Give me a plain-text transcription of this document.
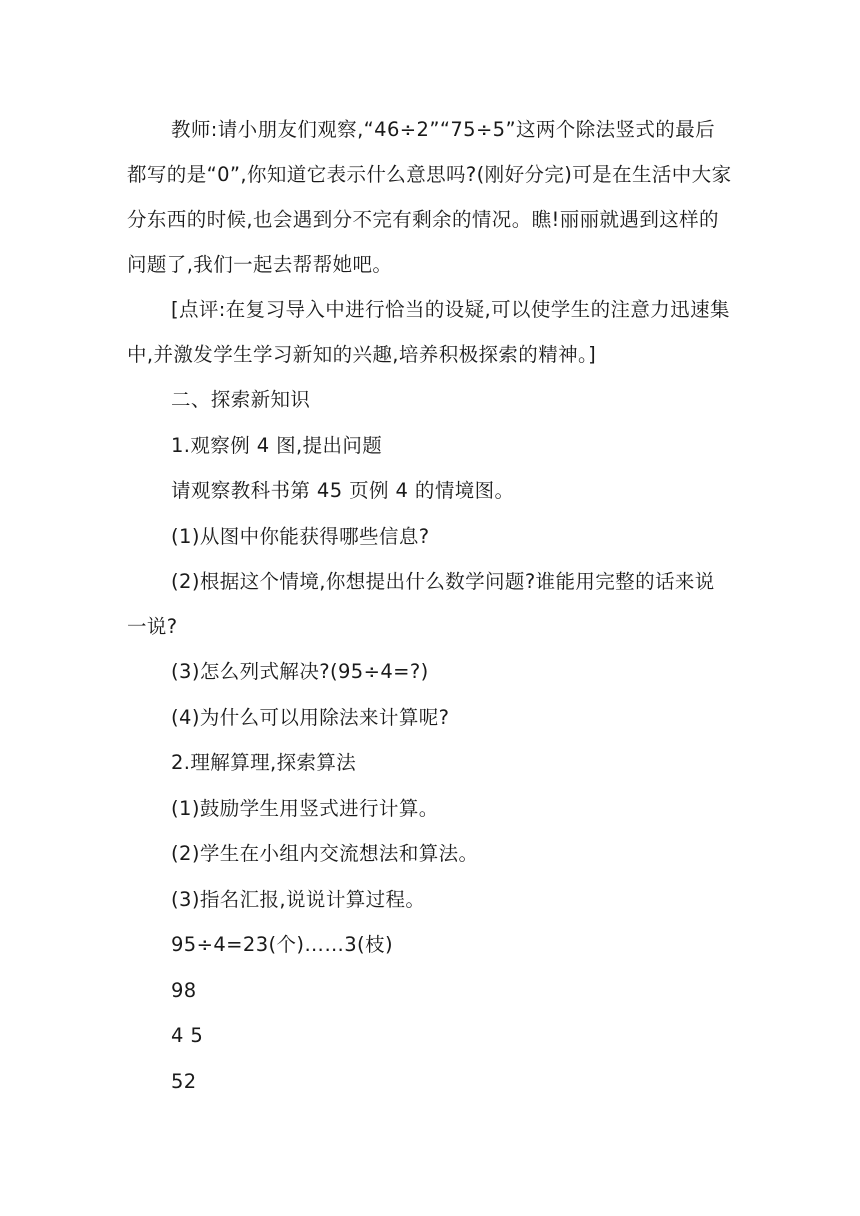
教师:请小朋友们观察,“46÷2”“75÷5”这两个除法竖式的最后都写的是“0”,你知道它表示什么意思吗?(刚好分完)可是在生活中大家分东西的时候,也会遇到分不完有剩余的情况。瞧!丽丽就遇到这样的问题了,我们一起去帮帮她吧。

[点评:在复习导入中进行恰当的设疑,可以使学生的注意力迅速集中,并激发学生学习新知的兴趣,培养积极探索的精神。]

二、探索新知识

1.观察例 4 图,提出问题

请观察教科书第 45 页例 4 的情境图。

(1)从图中你能获得哪些信息?

(2)根据这个情境,你想提出什么数学问题?谁能用完整的话来说一说?

(3)怎么列式解决?(95÷4=?)

(4)为什么可以用除法来计算呢?

2.理解算理,探索算法

(1)鼓励学生用竖式进行计算。

(2)学生在小组内交流想法和算法。

(3)指名汇报,说说计算过程。

95÷4=23(个)……3(枝)

98

4 5

52
